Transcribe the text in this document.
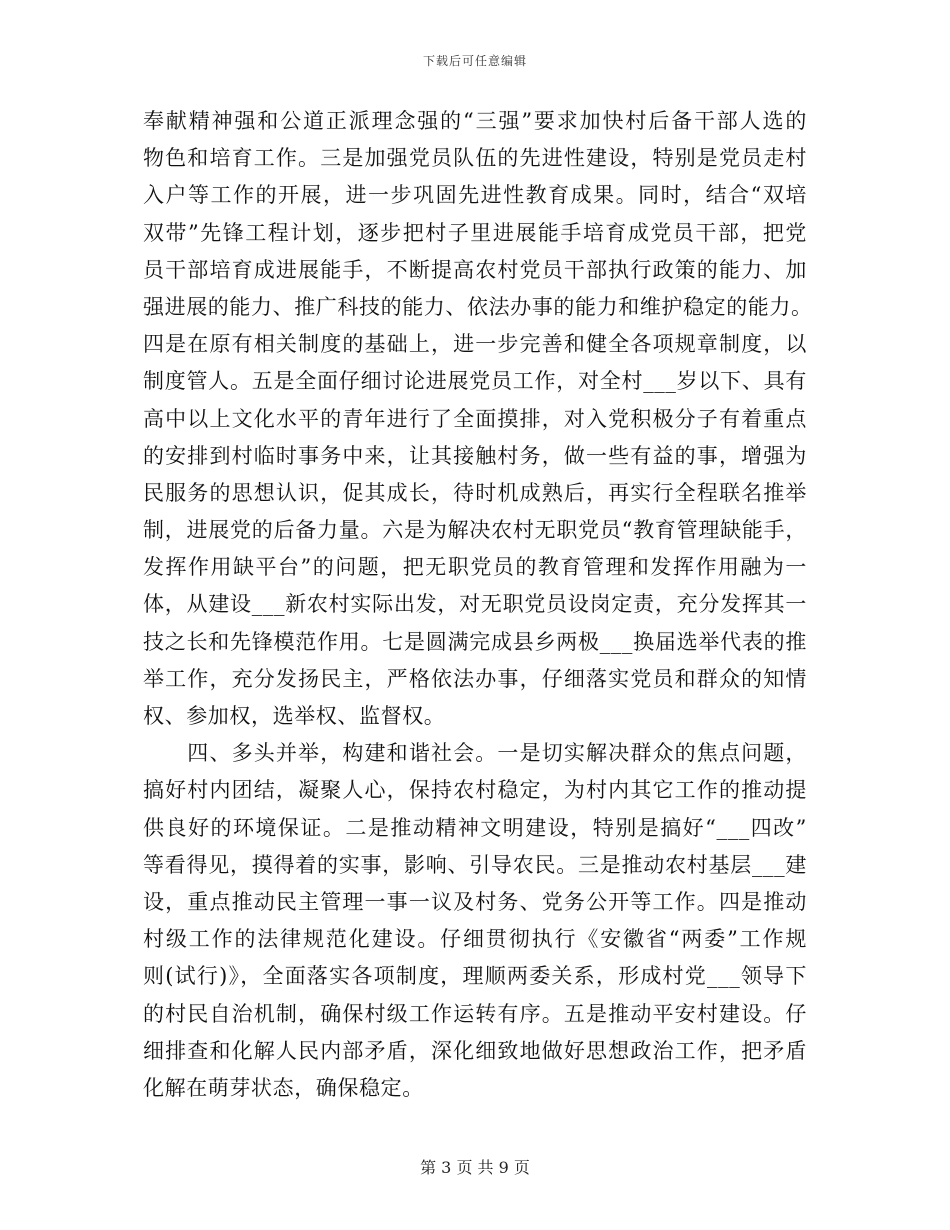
下载后可任意编辑
奉献精神强和公道正派理念强的“三强”要求加快村后备干部人选的
物色和培育工作。三是加强党员队伍的先进性建设，特别是党员走村
入户等工作的开展，进一步巩固先进性教育成果。同时，结合“双培
双带”先锋工程计划，逐步把村子里进展能手培育成党员干部，把党
员干部培育成进展能手，不断提高农村党员干部执行政策的能力、加
强进展的能力、推广科技的能力、依法办事的能力和维护稳定的能力。
四是在原有相关制度的基础上，进一步完善和健全各项规章制度，以
制度管人。五是全面仔细讨论进展党员工作，对全村___岁以下、具有
高中以上文化水平的青年进行了全面摸排，对入党积极分子有着重点
的安排到村临时事务中来，让其接触村务，做一些有益的事，增强为
民服务的思想认识，促其成长，待时机成熟后，再实行全程联名推举
制，进展党的后备力量。六是为解决农村无职党员“教育管理缺能手，
发挥作用缺平台”的问题，把无职党员的教育管理和发挥作用融为一
体，从建设___新农村实际出发，对无职党员设岗定责，充分发挥其一
技之长和先锋模范作用。七是圆满完成县乡两极___换届选举代表的推
举工作，充分发扬民主，严格依法办事，仔细落实党员和群众的知情
权、参加权，选举权、监督权。
　　四、多头并举，构建和谐社会。一是切实解决群众的焦点问题，
搞好村内团结，凝聚人心，保持农村稳定，为村内其它工作的推动提
供良好的环境保证。二是推动精神文明建设，特别是搞好“___四改”
等看得见，摸得着的实事，影响、引导农民。三是推动农村基层___建
设，重点推动民主管理一事一议及村务、党务公开等工作。四是推动
村级工作的法律规范化建设。仔细贯彻执行《安徽省“两委”工作规
则(试行)》，全面落实各项制度，理顺两委关系，形成村党___领导下
的村民自治机制，确保村级工作运转有序。五是推动平安村建设。仔
细排查和化解人民内部矛盾，深化细致地做好思想政治工作，把矛盾
化解在萌芽状态，确保稳定。
第 3 页 共 9 页
